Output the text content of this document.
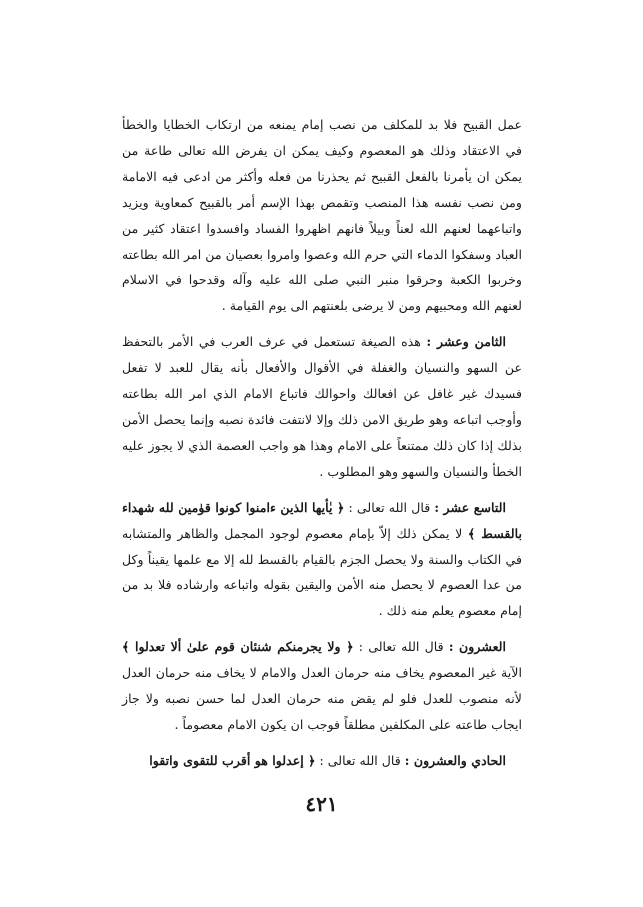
عمل القبيح فلا بد للمكلف من نصب إمام يمنعه من ارتكاب الخطايا والخطأ في الاعتقاد وذلك هو المعصوم وكيف يمكن ان يفرض الله تعالى طاعة من يمكن ان يأمرنا بالفعل القبيح ثم يحذرنا من فعله وأكثر من ادعى فيه الامامة ومن نصب نفسه هذا المنصب وتقمص بهذا الإسم أمر بالقبيح كمعاوية ويزيد واتباعهما لعنهم الله لعناً وبيلاً فانهم اظهروا الفساد وافسدوا اعتقاد كثير من العباد وسفكوا الدماء التي حرم الله وعصوا وامروا بعصيان من امر الله بطاعته وخربوا الكعبة وحرقوا منبر النبي صلى الله عليه وآله وقدحوا في الاسلام لعنهم الله ومحبيهم ومن لا يرضى بلعنتهم الى يوم القيامة .

الثامن وعشر : هذه الصيغة تستعمل في عرف العرب في الأمر بالتحفظ عن السهو والنسيان والغفلة في الأقوال والأفعال بأنه يقال للعبد لا تفعل فسيدك غير غافل عن افعالك واحوالك فاتباع الامام الذي امر الله بطاعته وأوجب اتباعه وهو طريق الامن ذلك وإلا لانتفت فائدة نصبه وإنما يحصل الأمن بذلك إذا كان ذلك ممتنعاً على الامام وهذا هو واجب العصمة الذي لا يجوز عليه الخطأ والنسيان والسهو وهو المطلوب .

التاسع عشر : قال الله تعالى : ﴿ يٰأيها الذين ءامنوا كونوا قوٰمين لله شهداء بالقسط ﴾ لا يمكن ذلك إلاّ بإمام معصوم لوجود المجمل والظاهر والمتشابه في الكتاب والسنة ولا يحصل الجزم بالقيام بالقسط لله إلا مع علمها يقيناً وكل من عدا العصوم لا يحصل منه الأمن واليقين بقوله واتباعه وارشاده فلا بد من إمام معصوم يعلم منه ذلك .

العشرون : قال الله تعالى : ﴿ ولا يجرمنكم شنئان قوم علىٰ ألا تعدلوا ﴾ الآية غير المعصوم يخاف منه حرمان العدل والامام لا يخاف منه حرمان العدل لأنه منصوب للعدل فلو لم يقض منه حرمان العدل لما حسن نصبه ولا جاز ايجاب طاعته على المكلفين مطلقاً فوجب ان يكون الامام معصوماً .

الحادي والعشرون : قال الله تعالى : ﴿ إعدلوا هو أقرب للتقوى واتقوا

٤٢١
